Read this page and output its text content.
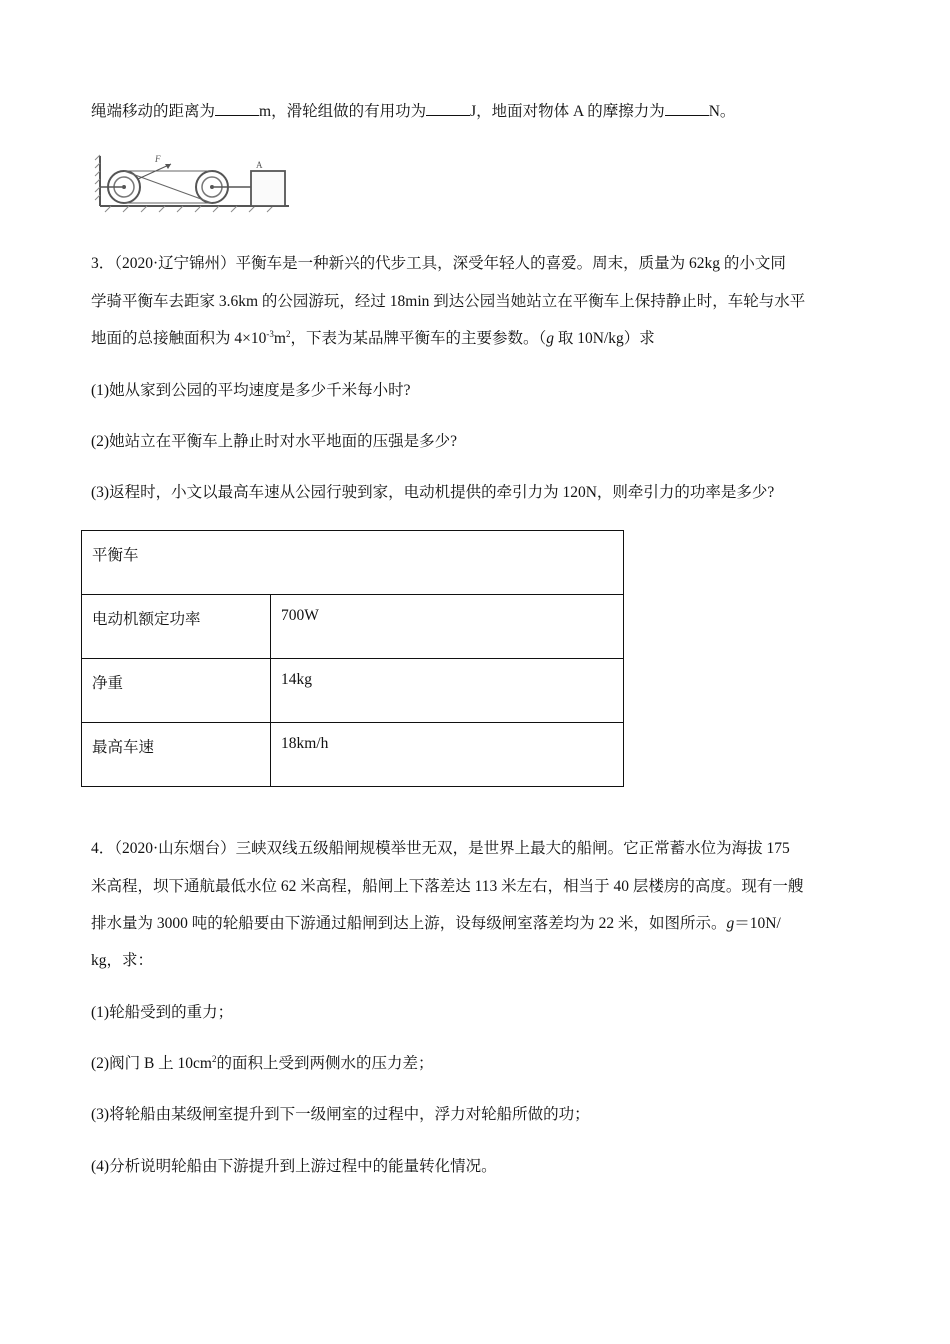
绳端移动的距离为	m，滑轮组做的有用功为	J，地面对物体 A 的摩擦力为	N。
F
A
3．（2020·辽宁锦州）平衡车是一种新兴的代步工具，深受年轻人的喜爱。周末，质量为 62kg 的小文同
学骑平衡车去距家 3.6km 的公园游玩，经过 18min 到达公园当她站立在平衡车上保持静止时，车轮与水平
地面的总接触面积为 $4\times 10^{-3}m^2$，下表为某品牌平衡车的主要参数。（g 取 10N/kg）求
(1)她从家到公园的平均速度是多少千米每小时?
(2)她站立在平衡车上静止时对水平地面的压强是多少?
(3)返程时，小文以最高车速从公园行驶到家，电动机提供的牵引力为 120N，则牵引力的功率是多少?
平衡车	
电动机额定功率	700W
净重	14kg
最高车速	18km/h
4．（2020·山东烟台）三峡双线五级船闸规模举世无双，是世界上最大的船闸。它正常蓄水位为海拔 175
米高程，坝下通航最低水位 62 米高程，船闸上下落差达 113 米左右，相当于 40 层楼房的高度。现有一艘
排水量为 3000 吨的轮船要由下游通过船闸到达上游，设每级闸室落差均为 22 米，如图所示。g＝10N/
kg，求：
(1)轮船受到的重力；
(2)阀门 B 上 $10cm^2$的面积上受到两侧水的压力差；
(3)将轮船由某级闸室提升到下一级闸室的过程中，浮力对轮船所做的功；
(4)分析说明轮船由下游提升到上游过程中的能量转化情况。
